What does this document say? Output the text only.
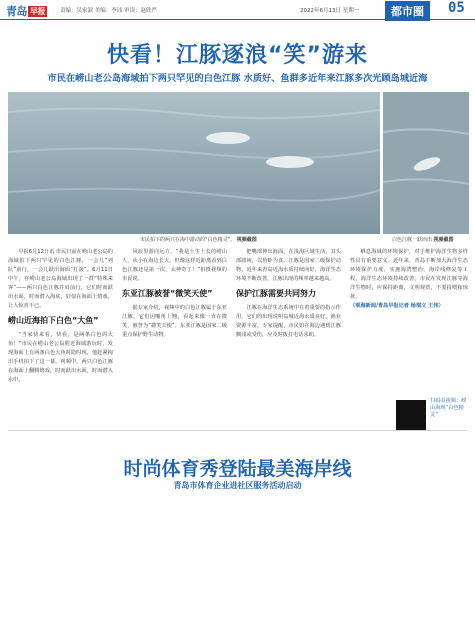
青岛 早报	责编：吴家淑 美编：李玮 审读：赵欣严	2022年6月13日 星期一	都市圈	05
快看！江豚逐浪“笑”游来
市民在崂山老公岛海域拍下两只罕见的白色江豚 水质好、鱼群多近年来江豚多次光顾岛城近海
市民拍下的两只在海中游动的“白色精灵”。 视频截图	白色江豚一跃而出 视频截图

早报6月12日讯 市民日前在崂山老公岛的海域拍下两只罕见的白色江豚，一会儿“列队”前行，一会儿跃出海面“打滚”。6月11日中午，在崂山老公岛海域出现了一群“特殊来客”——两只白色江豚并肩前行，它们时而跃出水面，时而潜入海底，好似在海面上嬉戏，让人惊喜不已。

崂山近海拍下白色“大鱼”

“当家快来看，快看，是两条白色的大鱼！”市民在崂山老公岛附近海域游玩时，发现海面上有两条白色大鱼时隐时现，他赶紧掏出手机拍下了这一幕。视频中，两只白色江豚在海面上翻腾嬉戏，时而跃出水面，时而潜入水中。

风浪里游向远方。“我是土生土长的崂山人，从小在海边长大，但像这样近距离看到白色江豚还是第一次，太神奇了！”拍摄视频的市民说。

东亚江豚被誉“微笑天使”

据专家介绍，视频中的白色江豚属于东亚江豚，它们因嘴角上翘，看起来像一直在微笑，被誉为“微笑天使”。东亚江豚是国家二级重点保护野生动物。

把嘴部伸出海面，在浅海区域生活，其头部圆钝，以鱼虾为食。江豚是国家二级保护动物，近年来青岛近海水质持续向好，海洋生态环境不断改善，江豚出现的频率越来越高。

保护江豚需要共同努力

江豚在海洋生态系统中有着重要的指示作用，它们的出现说明岛城近海水质良好、渔业资源丰富。专家提醒，市民如在海边遇到江豚搁浅或受伤，应及时拨打电话求助。

栖息海域的环境保护，对于维护海洋生物多样性具有重要意义。近年来，青岛不断加大海洋生态环境保护力度，实施海湾整治、海岸线修复等工程，海洋生态环境持续改善。市民在发现江豚等海洋生物时，应保持距离，文明观赏，不要投喂和惊扰。

（观海新闻/青岛早报记者 杨琪文 王伟）

扫码看视频：崂山海现“白色精灵”
时尚体育秀登陆最美海岸线
青岛市体育企业进社区服务活动启动
